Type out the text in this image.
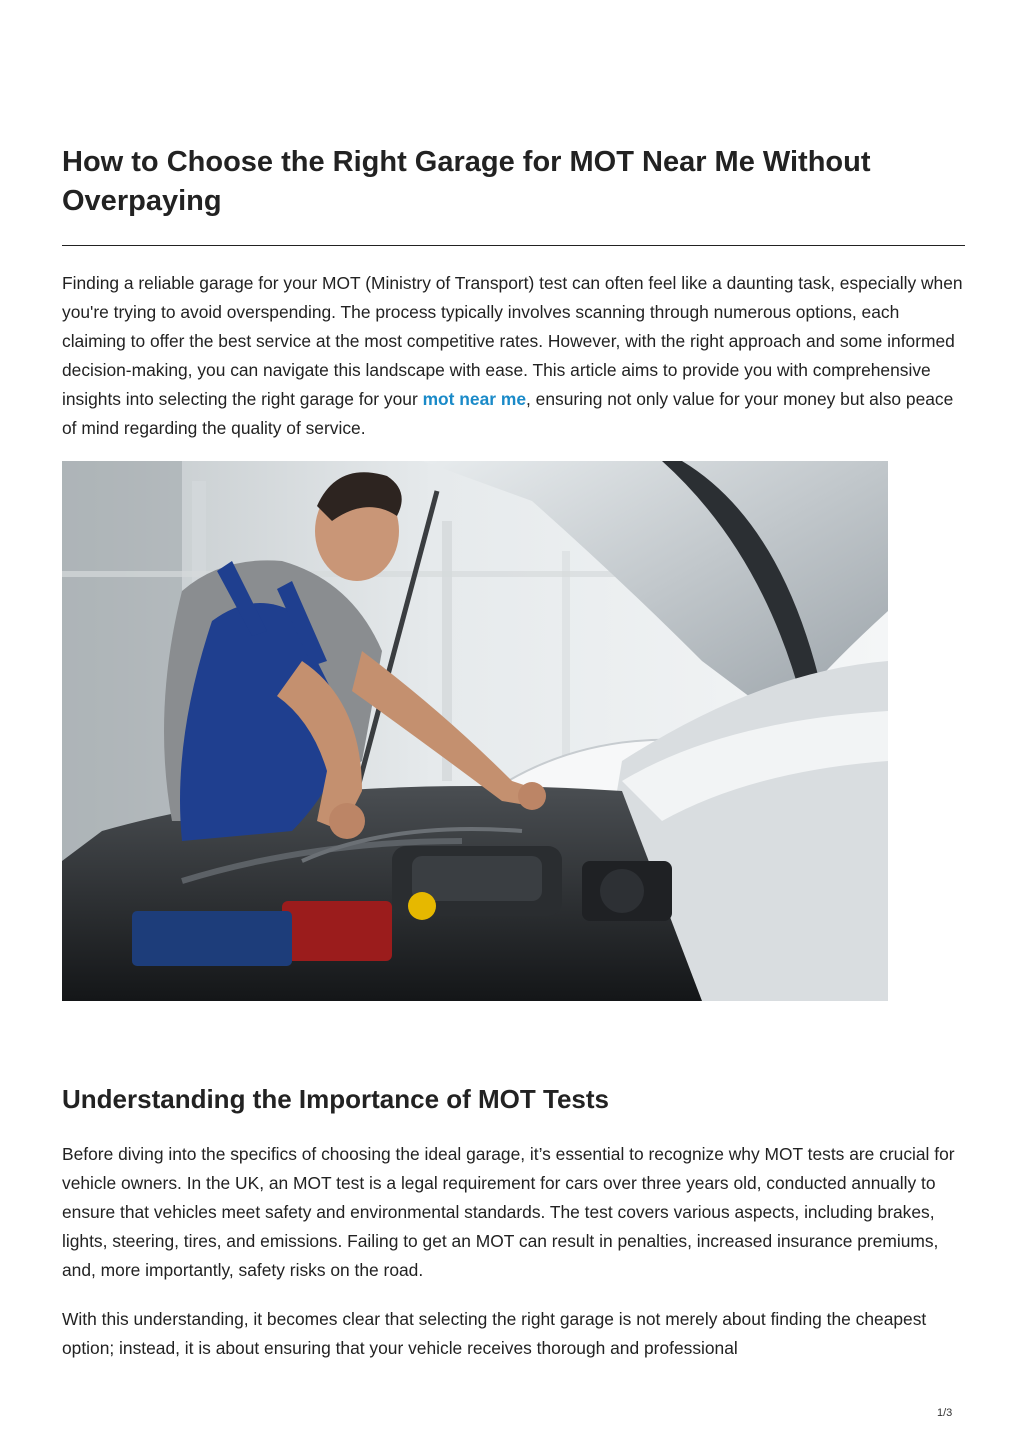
How to Choose the Right Garage for MOT Near Me Without Overpaying

Finding a reliable garage for your MOT (Ministry of Transport) test can often feel like a daunting task, especially when you're trying to avoid overspending. The process typically involves scanning through numerous options, each claiming to offer the best service at the most competitive rates. However, with the right approach and some informed decision-making, you can navigate this landscape with ease. This article aims to provide you with comprehensive insights into selecting the right garage for your mot near me, ensuring not only value for your money but also peace of mind regarding the quality of service.

Understanding the Importance of MOT Tests

Before diving into the specifics of choosing the ideal garage, it’s essential to recognize why MOT tests are crucial for vehicle owners. In the UK, an MOT test is a legal requirement for cars over three years old, conducted annually to ensure that vehicles meet safety and environmental standards. The test covers various aspects, including brakes, lights, steering, tires, and emissions. Failing to get an MOT can result in penalties, increased insurance premiums, and, more importantly, safety risks on the road.

With this understanding, it becomes clear that selecting the right garage is not merely about finding the cheapest option; instead, it is about ensuring that your vehicle receives thorough and professional

1/3
